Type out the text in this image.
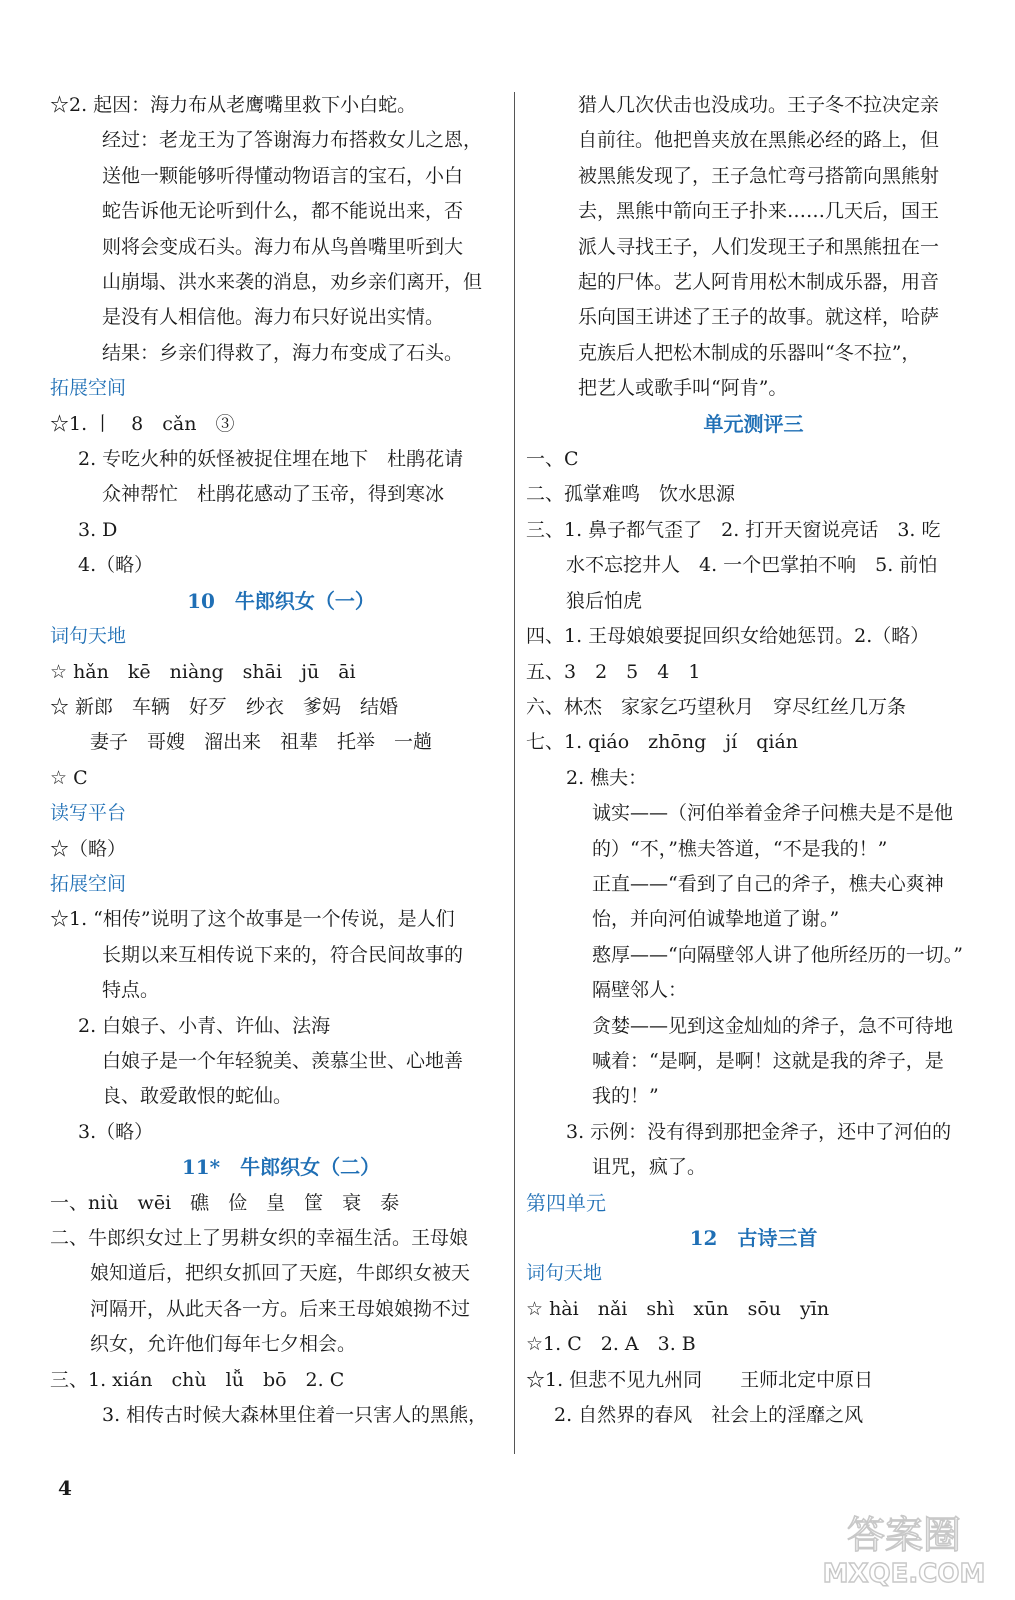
☆2. 起因：海力布从老鹰嘴里救下小白蛇。
经过：老龙王为了答谢海力布搭救女儿之恩，
送他一颗能够听得懂动物语言的宝石，小白
蛇告诉他无论听到什么，都不能说出来，否
则将会变成石头。海力布从鸟兽嘴里听到大
山崩塌、洪水来袭的消息，劝乡亲们离开，但
是没有人相信他。海力布只好说出实情。
结果：乡亲们得救了，海力布变成了石头。
拓展空间
☆1. 丨　8　cǎn　③
2. 专吃火种的妖怪被捉住埋在地下　杜鹃花请
众神帮忙　杜鹃花感动了玉帝，得到寒冰
3. D
4.（略）
10　牛郎织女（一）
词句天地
☆ hǎn　kē　niàng　shāi　jū　āi
☆ 新郎　车辆　好歹　纱衣　爹妈　结婚
妻子　哥嫂　溜出来　祖辈　托举　一趟
☆ C
读写平台
☆（略）
拓展空间
☆1. “相传”说明了这个故事是一个传说，是人们
长期以来互相传说下来的，符合民间故事的
特点。
2. 白娘子、小青、许仙、法海
白娘子是一个年轻貌美、羡慕尘世、心地善
良、敢爱敢恨的蛇仙。
3.（略）
11*　牛郎织女（二）
一、niù　wēi　礁　俭　皇　筐　衰　泰
二、牛郎织女过上了男耕女织的幸福生活。王母娘
娘知道后，把织女抓回了天庭，牛郎织女被天
河隔开，从此天各一方。后来王母娘娘拗不过
织女，允许他们每年七夕相会。
三、1. xián　chù　lǚ　bō　2. C
3. 相传古时候大森林里住着一只害人的黑熊，
猎人几次伏击也没成功。王子冬不拉决定亲
自前往。他把兽夹放在黑熊必经的路上，但
被黑熊发现了，王子急忙弯弓搭箭向黑熊射
去，黑熊中箭向王子扑来……几天后，国王
派人寻找王子，人们发现王子和黑熊扭在一
起的尸体。艺人阿肯用松木制成乐器，用音
乐向国王讲述了王子的故事。就这样，哈萨
克族后人把松木制成的乐器叫“冬不拉”，
把艺人或歌手叫“阿肯”。
单元测评三
一、C
二、孤掌难鸣　饮水思源
三、1. 鼻子都气歪了　2. 打开天窗说亮话　3. 吃
水不忘挖井人　4. 一个巴掌拍不响　5. 前怕
狼后怕虎
四、1. 王母娘娘要捉回织女给她惩罚。2.（略）
五、3　2　5　4　1
六、林杰　家家乞巧望秋月　穿尽红丝几万条
七、1. qiáo　zhōng　jí　qián
2. 樵夫：
诚实——（河伯举着金斧子问樵夫是不是他
的）“不，”樵夫答道，“不是我的！”
正直——“看到了自己的斧子，樵夫心爽神
怡，并向河伯诚挚地道了谢。”
憨厚——“向隔壁邻人讲了他所经历的一切。”
隔壁邻人：
贪婪——见到这金灿灿的斧子，急不可待地
喊着：“是啊，是啊！这就是我的斧子，是
我的！”
3. 示例：没有得到那把金斧子，还中了河伯的
诅咒，疯了。
第四单元
12　古诗三首
词句天地
☆ hài　nǎi　shì　xūn　sōu　yīn
☆1. C　2. A　3. B
☆1. 但悲不见九州同　　王师北定中原日
2. 自然界的春风　社会上的淫靡之风
4
答案圈
MXQE.COM
